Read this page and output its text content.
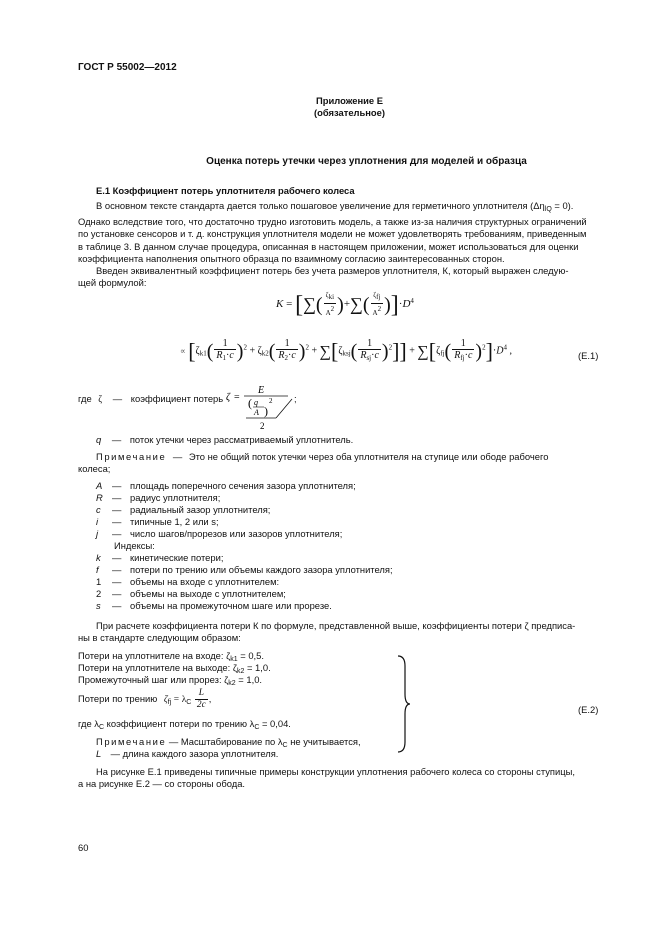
ГОСТ Р 55002—2012
Приложение Е
(обязательное)
Оценка потерь утечки через уплотнения для моделей и образца
Е.1 Коэффициент потерь уплотнителя рабочего колеса
В основном тексте стандарта дается только пошаговое увеличение для герметичного уплотнителя $(\Delta\eta_{lQ} = 0)$.
Однако вследствие того, что достаточно трудно изготовить модель, а также из-за наличия структурных ограничений
по установке сенсоров и т. д. конструкция уплотнителя модели не может удовлетворять требованиям, приведенным
в таблице 3. В данном случае процедура, описанная в настоящем приложении, может использоваться для оценки
коэффициента наполнения опытного образца по взаимному согласию заинтересованных сторон.
Введен эквивалентный коэффициент потерь без учета размеров уплотнителя, К, который выражен следую-
щей формулой:
K = [∑( $\frac{\text{ζki}}{A2}$ )+∑( $\frac{\text{ζfj}}{A2} )]\cdot D^4$
∝ $[\zeta_{k1}( \frac{1}{R_1\cdot c} )^2 + \zeta_{k2}( \frac{1}{R_2\cdot c} )^2 + \sum[\zeta_{ksj}( \frac{1}{R_{sj}\cdot c} )^2]] + \sum[\zeta_{fj}( \frac{1}{R_{fj}\cdot c} )^2]\cdot D^4$ ,	(E.1)
где ζ — коэффициент потерь ζ =
E
( q
A )
2
2
;
q — поток утечки через рассматриваемый уплотнитель.
Примечание — Это не общий поток утечки через оба уплотнителя на ступице или ободе рабочего
колеса;
A — площадь поперечного сечения зазора уплотнителя;
R — радиус уплотнителя;
c — радиальный зазор уплотнителя;
i — типичные 1, 2 или s;
j — число шагов/прорезов или зазоров уплотнителя;
Индексы:
k — кинетические потери;
f — потери по трению или объемы каждого зазора уплотнителя;
1 — объемы на входе с уплотнителем:
2 — объемы на выходе с уплотнителем;
s — объемы на промежуточном шаге или прорезе.
При расчете коэффициента потери К по формуле, представленной выше, коэффициенты потери ζ предписа-
ны в стандарте следующим образом:
Потери на уплотнителе на входе: $\zeta_{k1} = 0,5$.
Потери на уплотнителе на выходе: $\zeta_{k2} = 1,0$.
Промежуточный шаг или прорез: $\zeta_{k2} = 1,0$.
Потери по трению $\zeta_{fj} = \lambda_C \frac{L}{2c}$ ,
где $\lambda_C$ коэффициент потери по трению $\lambda_C = 0,04$.
Примечание — Масштабирование по $\lambda_C$ не учитывается,
L — длина каждого зазора уплотнителя.
(E.2)
На рисунке Е.1 приведены типичные примеры конструкции уплотнения рабочего колеса со стороны ступицы,
а на рисунке Е.2 — со стороны обода.
60
